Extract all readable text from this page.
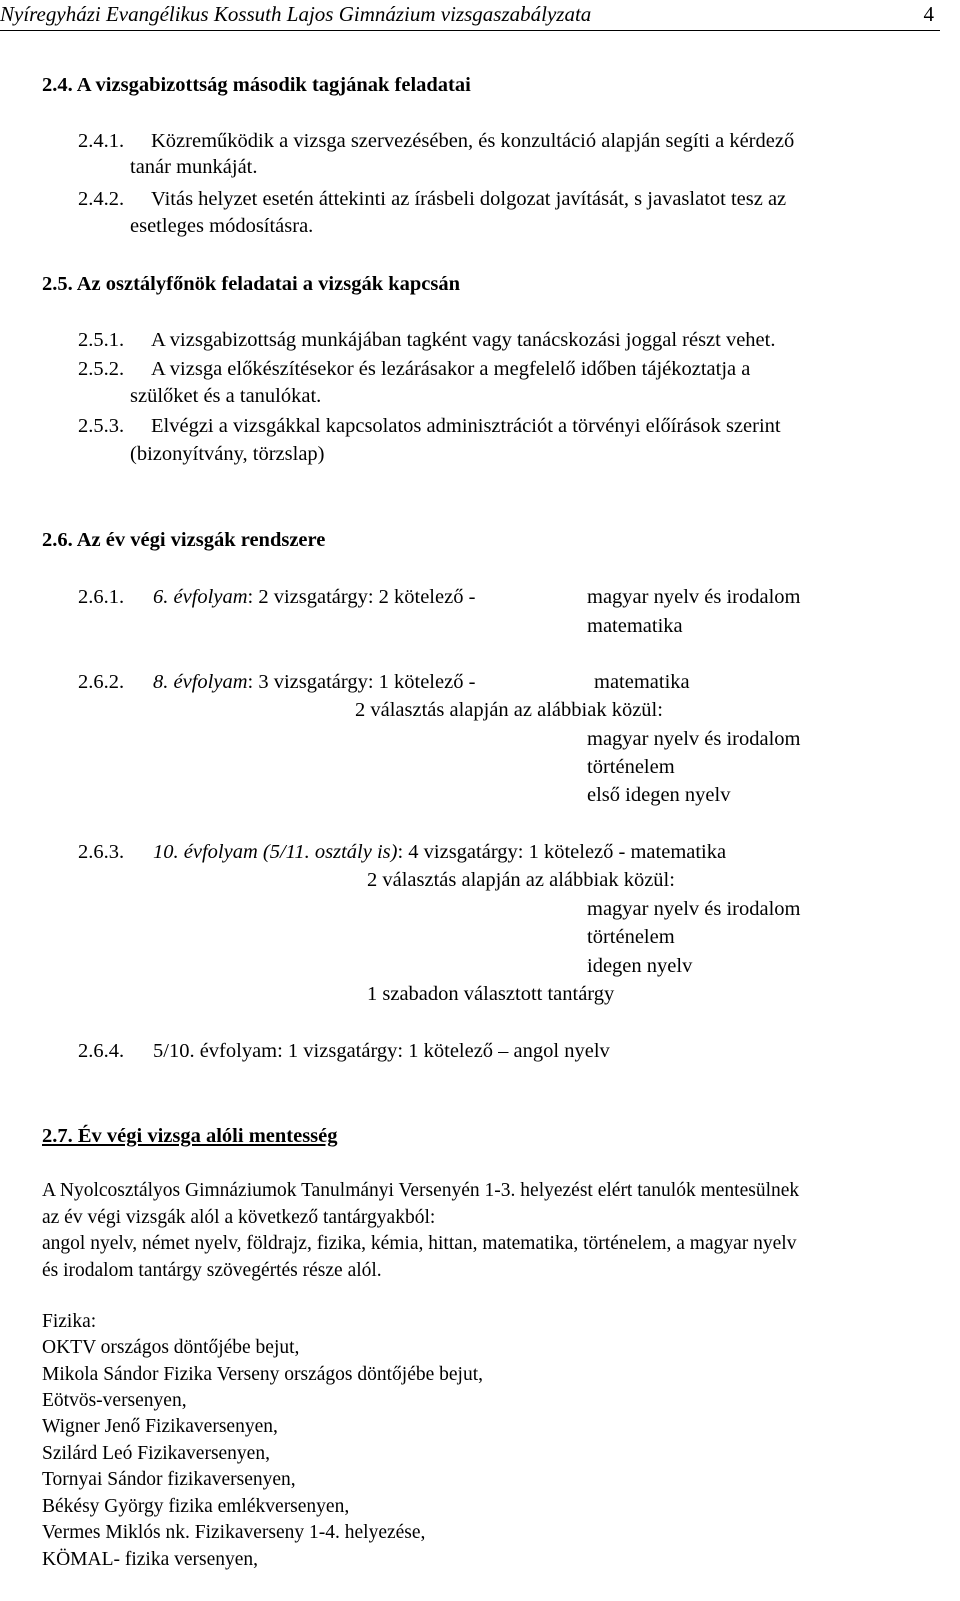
Nyíregyházi Evangélikus Kossuth Lajos Gimnázium vizsgaszabályzata	4
2.4. A vizsgabizottság második tagjának feladatai
2.4.1. Közreműködik a vizsga szervezésében, és konzultáció alapján segíti a kérdező
tanár munkáját.
2.4.2. Vitás helyzet esetén áttekinti az írásbeli dolgozat javítását, s javaslatot tesz az
esetleges módosításra.
2.5. Az osztályfőnök feladatai a vizsgák kapcsán
2.5.1. A vizsgabizottság munkájában tagként vagy tanácskozási joggal részt vehet.
2.5.2. A vizsga előkészítésekor és lezárásakor a megfelelő időben tájékoztatja a
szülőket és a tanulókat.
2.5.3. Elvégzi a vizsgákkal kapcsolatos adminisztrációt a törvényi előírások szerint
(bizonyítvány, törzslap)
2.6. Az év végi vizsgák rendszere
2.6.1. 6. évfolyam: 2 vizsgatárgy: 2 kötelező -	magyar nyelv és irodalom
matematika
2.6.2. 8. évfolyam: 3 vizsgatárgy: 1 kötelező -	matematika
2 választás alapján az alábbiak közül:
magyar nyelv és irodalom
történelem
első idegen nyelv
2.6.3. 10. évfolyam (5/11. osztály is): 4 vizsgatárgy: 1 kötelező - matematika
2 választás alapján az alábbiak közül:
magyar nyelv és irodalom
történelem
idegen nyelv
1 szabadon választott tantárgy
2.6.4. 5/10. évfolyam: 1 vizsgatárgy: 1 kötelező – angol nyelv
2.7. Év végi vizsga alóli mentesség
A Nyolcosztályos Gimnáziumok Tanulmányi Versenyén 1-3. helyezést elért tanulók mentesülnek
az év végi vizsgák alól a következő tantárgyakból:
angol nyelv, német nyelv, földrajz, fizika, kémia, hittan, matematika, történelem, a magyar nyelv
és irodalom tantárgy szövegértés része alól.
Fizika:
OKTV országos döntőjébe bejut,
Mikola Sándor Fizika Verseny országos döntőjébe bejut,
Eötvös-versenyen,
Wigner Jenő Fizikaversenyen,
Szilárd Leó Fizikaversenyen,
Tornyai Sándor fizikaversenyen,
Békésy György fizika emlékversenyen,
Vermes Miklós nk. Fizikaverseny 1-4. helyezése,
KÖMAL- fizika versenyen,
